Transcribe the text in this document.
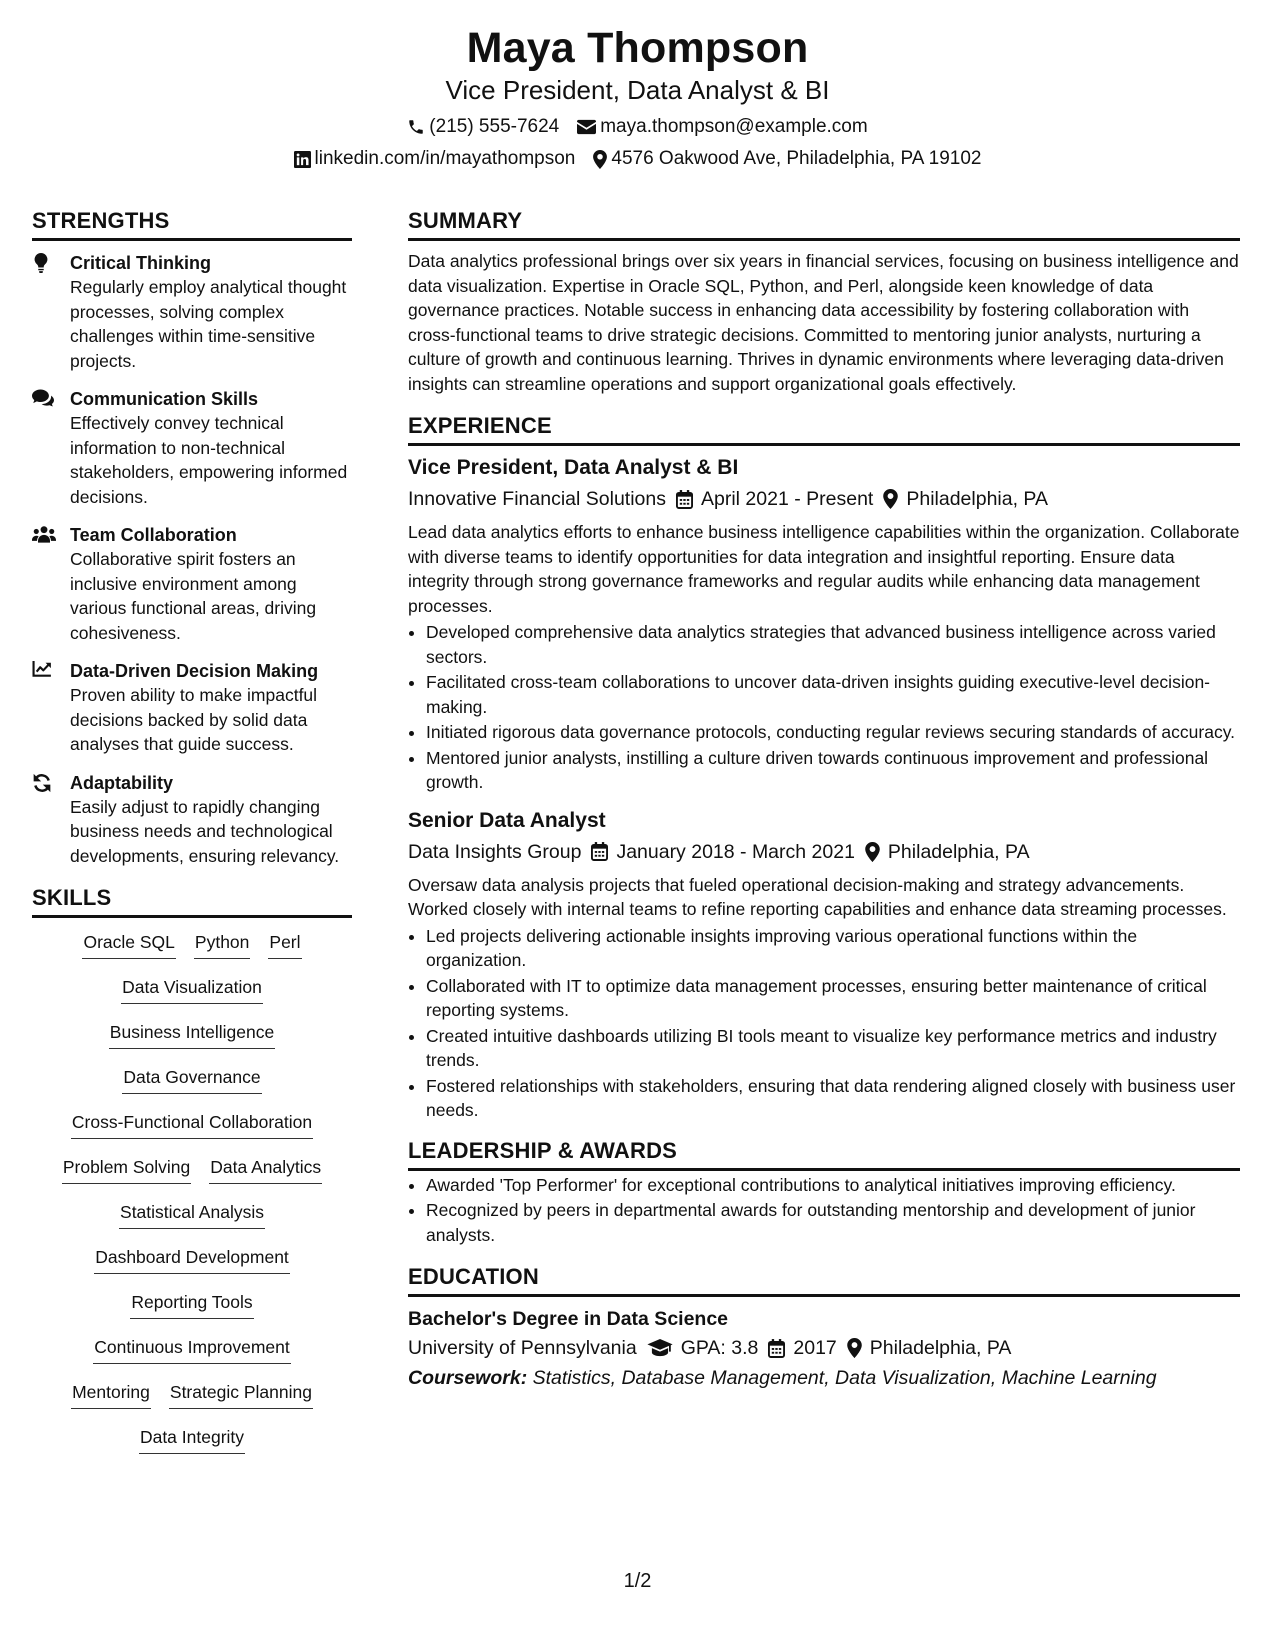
Maya Thompson
Vice President, Data Analyst & BI
(215) 555-7624 maya.thompson@example.com
linkedin.com/in/mayathompson 4576 Oakwood Ave, Philadelphia, PA 19102
STRENGTHS
Critical Thinking
Regularly employ analytical thought processes, solving complex challenges within time-sensitive projects.
Communication Skills
Effectively convey technical information to non-technical stakeholders, empowering informed decisions.
Team Collaboration
Collaborative spirit fosters an inclusive environment among various functional areas, driving cohesiveness.
Data-Driven Decision Making
Proven ability to make impactful decisions backed by solid data analyses that guide success.
Adaptability
Easily adjust to rapidly changing business needs and technological developments, ensuring relevancy.
SKILLS
Oracle SQL Python Perl
Data Visualization
Business Intelligence
Data Governance
Cross-Functional Collaboration
Problem Solving Data Analytics
Statistical Analysis
Dashboard Development
Reporting Tools
Continuous Improvement
Mentoring Strategic Planning
Data Integrity
SUMMARY
Data analytics professional brings over six years in financial services, focusing on business intelligence and data visualization. Expertise in Oracle SQL, Python, and Perl, alongside keen knowledge of data governance practices. Notable success in enhancing data accessibility by fostering collaboration with cross-functional teams to drive strategic decisions. Committed to mentoring junior analysts, nurturing a culture of growth and continuous learning. Thrives in dynamic environments where leveraging data-driven insights can streamline operations and support organizational goals effectively.
EXPERIENCE
Vice President, Data Analyst & BI
Innovative Financial Solutions April 2021 - Present Philadelphia, PA
Lead data analytics efforts to enhance business intelligence capabilities within the organization. Collaborate with diverse teams to identify opportunities for data integration and insightful reporting. Ensure data integrity through strong governance frameworks and regular audits while enhancing data management processes.
• Developed comprehensive data analytics strategies that advanced business intelligence across varied sectors.
• Facilitated cross-team collaborations to uncover data-driven insights guiding executive-level decision-making.
• Initiated rigorous data governance protocols, conducting regular reviews securing standards of accuracy.
• Mentored junior analysts, instilling a culture driven towards continuous improvement and professional growth.
Senior Data Analyst
Data Insights Group January 2018 - March 2021 Philadelphia, PA
Oversaw data analysis projects that fueled operational decision-making and strategy advancements. Worked closely with internal teams to refine reporting capabilities and enhance data streaming processes.
• Led projects delivering actionable insights improving various operational functions within the organization.
• Collaborated with IT to optimize data management processes, ensuring better maintenance of critical reporting systems.
• Created intuitive dashboards utilizing BI tools meant to visualize key performance metrics and industry trends.
• Fostered relationships with stakeholders, ensuring that data rendering aligned closely with business user needs.
LEADERSHIP & AWARDS
• Awarded 'Top Performer' for exceptional contributions to analytical initiatives improving efficiency.
• Recognized by peers in departmental awards for outstanding mentorship and development of junior analysts.
EDUCATION
Bachelor's Degree in Data Science
University of Pennsylvania GPA: 3.8 2017 Philadelphia, PA
Coursework: Statistics, Database Management, Data Visualization, Machine Learning
1/2
